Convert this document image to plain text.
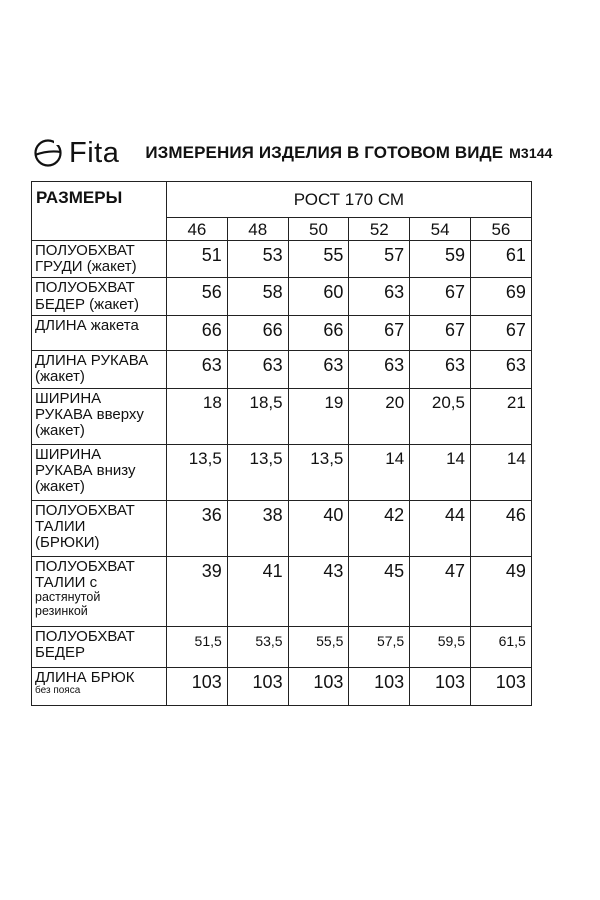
Fita ИЗМЕРЕНИЯ ИЗДЕЛИЯ В ГОТОВОМ ВИДЕ M3144
РАЗМЕРЫ	РОСТ 170 СМ					
	46	48	50	52	54	56

ПОЛУОБХВАТ
ГРУДИ (жакет)	51	53	55	57	59	61

ПОЛУОБХВАТ
БЕДЕР (жакет)	56	58	60	63	67	69

ДЛИНА жакета	66	66	66	67	67	67

ДЛИНА РУКАВА
(жакет)	63	63	63	63	63	63

ШИРИНА
РУКАВА вверху
(жакет)	18	18,5	19	20	20,5	21

ШИРИНА
РУКАВА внизу
(жакет)	13,5	13,5	13,5	14	14	14

ПОЛУОБХВАТ
ТАЛИИ
(БРЮКИ)	36	38	40	42	44	46

ПОЛУОБХВАТ
ТАЛИИ с
растянутой
резинкой	39	41	43	45	47	49

ПОЛУОБХВАТ
БЕДЕР	51,5	53,5	55,5	57,5	59,5	61,5

ДЛИНА БРЮК
без пояса	103	103	103	103	103	103
